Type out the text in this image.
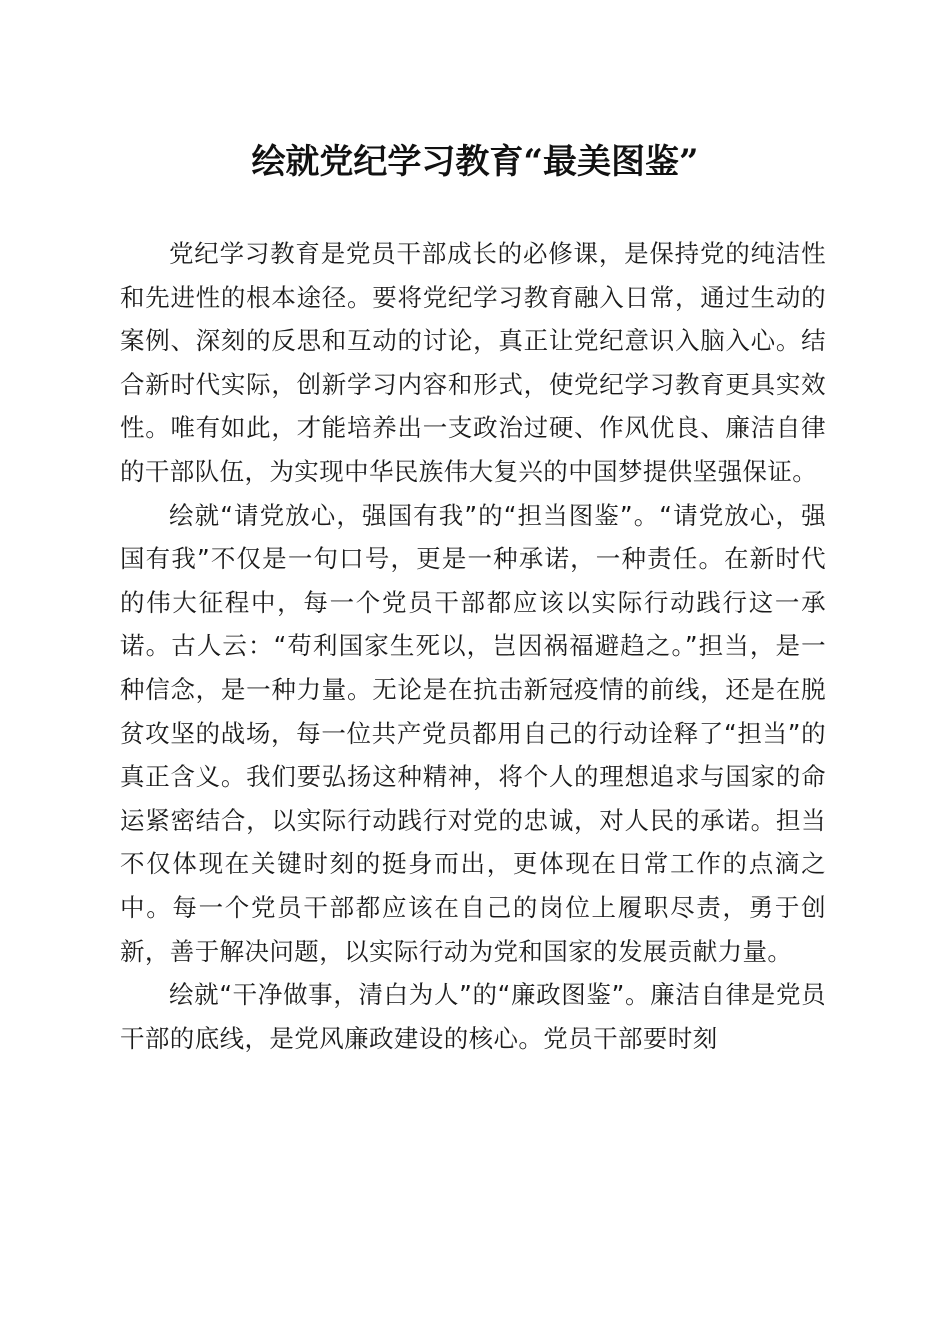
绘就党纪学习教育“最美图鉴”

党纪学习教育是党员干部成长的必修课，是保持党的纯洁性和先进性的根本途径。要将党纪学习教育融入日常，通过生动的案例、深刻的反思和互动的讨论，真正让党纪意识入脑入心。结合新时代实际，创新学习内容和形式，使党纪学习教育更具实效性。唯有如此，才能培养出一支政治过硬、作风优良、廉洁自律的干部队伍，为实现中华民族伟大复兴的中国梦提供坚强保证。

绘就“请党放心，强国有我”的“担当图鉴”。“请党放心，强国有我”不仅是一句口号，更是一种承诺，一种责任。在新时代的伟大征程中，每一个党员干部都应该以实际行动践行这一承诺。古人云：“苟利国家生死以，岂因祸福避趋之。”担当，是一种信念，是一种力量。无论是在抗击新冠疫情的前线，还是在脱贫攻坚的战场，每一位共产党员都用自己的行动诠释了“担当”的真正含义。我们要弘扬这种精神，将个人的理想追求与国家的命运紧密结合，以实际行动践行对党的忠诚，对人民的承诺。担当不仅体现在关键时刻的挺身而出，更体现在日常工作的点滴之中。每一个党员干部都应该在自己的岗位上履职尽责，勇于创新，善于解决问题，以实际行动为党和国家的发展贡献力量。

绘就“干净做事，清白为人”的“廉政图鉴”。廉洁自律是党员干部的底线，是党风廉政建设的核心。党员干部要时刻
